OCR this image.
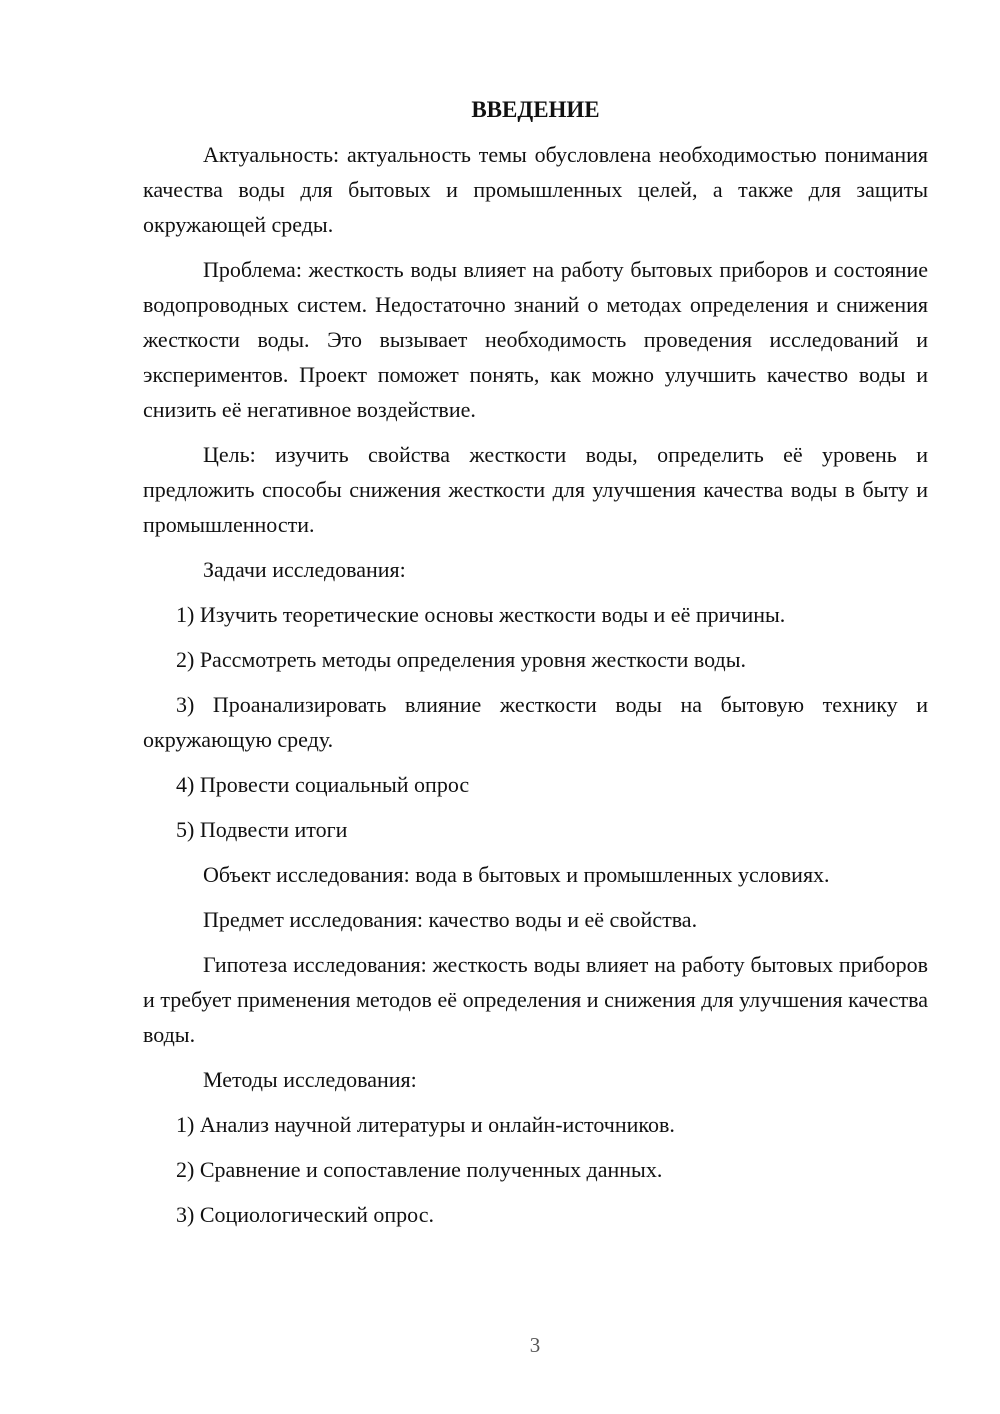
ВВЕДЕНИЕ

Актуальность: актуальность темы обусловлена необходимостью понимания качества воды для бытовых и промышленных целей, а также для защиты окружающей среды.

Проблема: жесткость воды влияет на работу бытовых приборов и состояние водопроводных систем. Недостаточно знаний о методах определения и снижения жесткости воды. Это вызывает необходимость проведения исследований и экспериментов. Проект поможет понять, как можно улучшить качество воды и снизить её негативное воздействие.

Цель: изучить свойства жесткости воды, определить её уровень и предложить способы снижения жесткости для улучшения качества воды в быту и промышленности.

Задачи исследования:

1) Изучить теоретические основы жесткости воды и её причины.

2) Рассмотреть методы определения уровня жесткости воды.

3) Проанализировать влияние жесткости воды на бытовую технику и окружающую среду.

4) Провести социальный опрос

5) Подвести итоги

Объект исследования: вода в бытовых и промышленных условиях.

Предмет исследования: качество воды и её свойства.

Гипотеза исследования: жесткость воды влияет на работу бытовых приборов и требует применения методов её определения и снижения для улучшения качества воды.

Методы исследования:

1) Анализ научной литературы и онлайн-источников.

2) Сравнение и сопоставление полученных данных.

3) Социологический опрос.

3
